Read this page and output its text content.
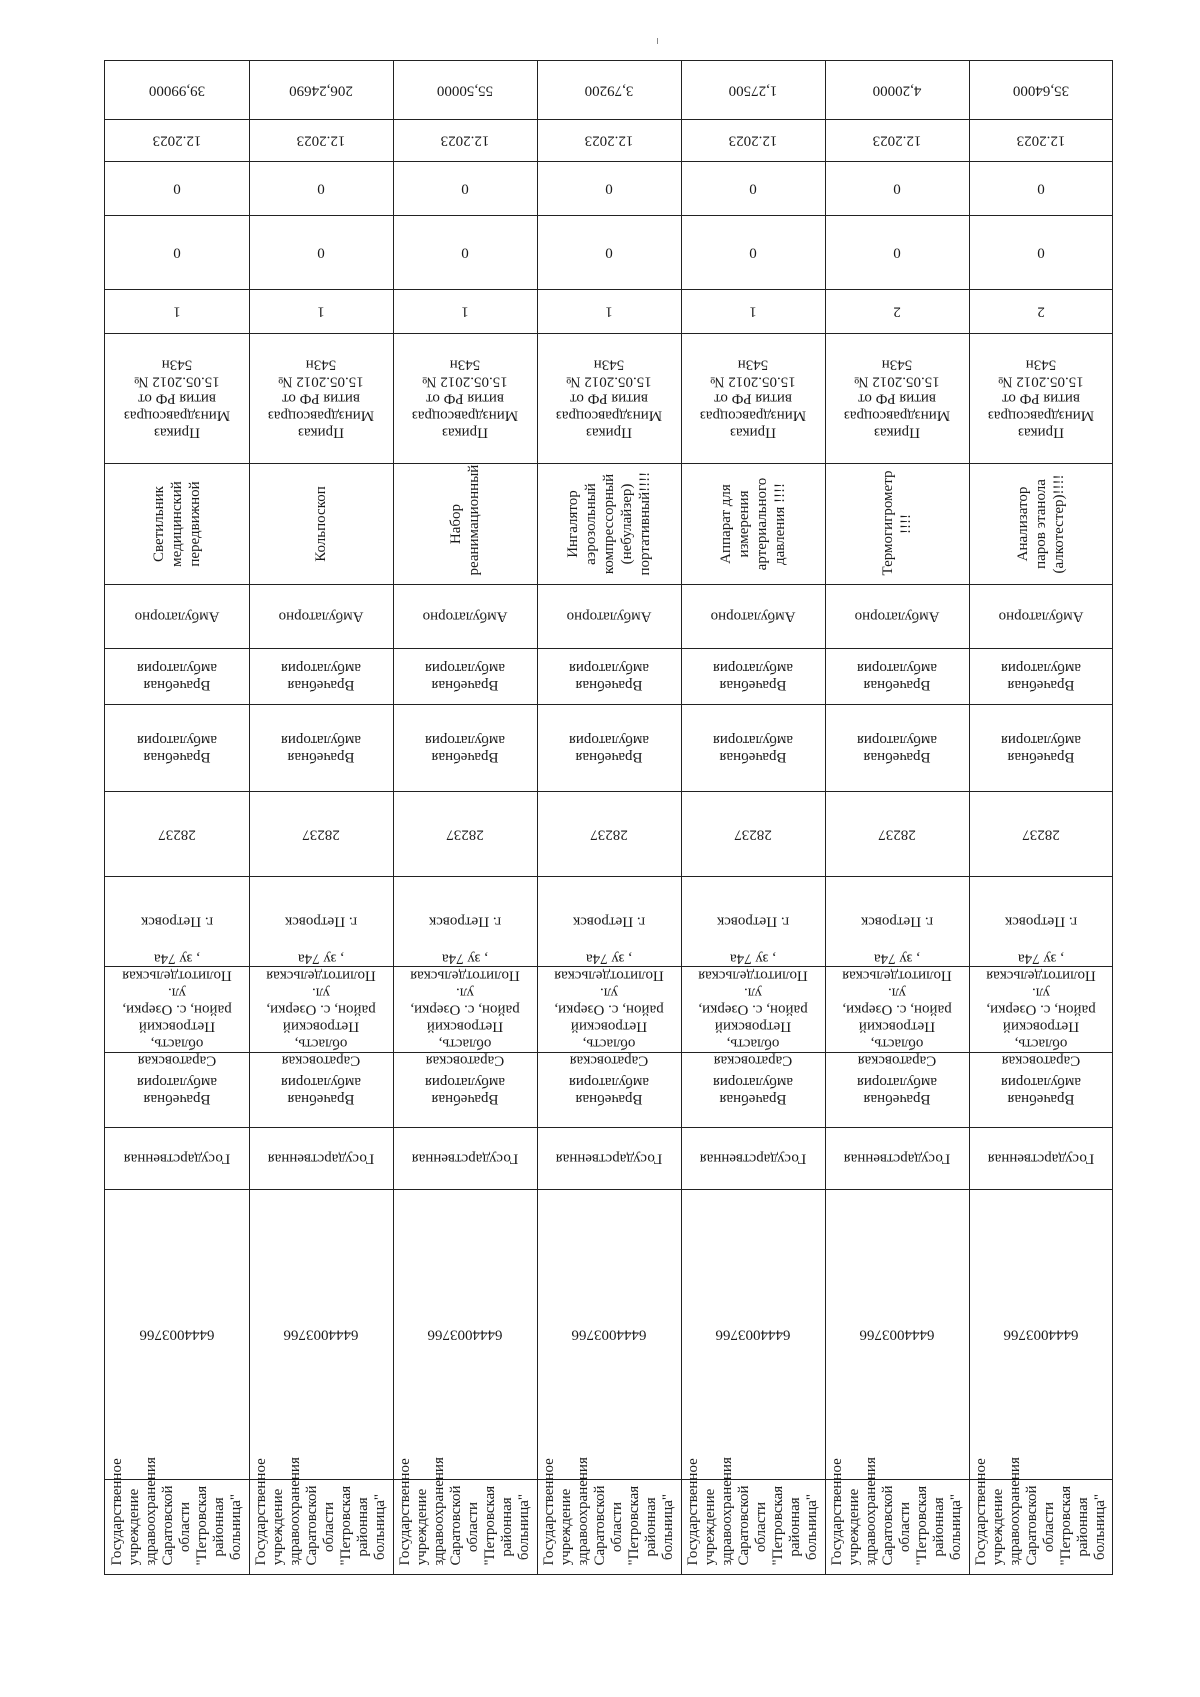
39,99000
12.2023
0
0
1
Приказ Минздравсоцраз вития РФ от 15.05.2012 № 543н
Светильник медицинский передвижной
Амбулаторно
Врачебная амбулатория
Врачебная амбулатория
28237
г. Петровск
Саратовская область, Петровский район, с. Озерки, ул. Политотдельская , зу 74а
Врачебная амбулатория
Государственная
6444003766
Государственное учреждение здравоохранения Саратовской области "Петровская районная больница"
206,24690
12.2023
0
0
1
Приказ Минздравсоцраз вития РФ от 15.05.2012 № 543н
Кольпоскоп
Амбулаторно
Врачебная амбулатория
Врачебная амбулатория
28237
г. Петровск
Саратовская область, Петровский район, с. Озерки, ул. Политотдельская , зу 74а
Врачебная амбулатория
Государственная
6444003766
Государственное учреждение здравоохранения Саратовской области "Петровская районная больница"
55,50000
12.2023
0
0
1
Приказ Минздравсоцраз вития РФ от 15.05.2012 № 543н
Набор реанимационный
Амбулаторно
Врачебная амбулатория
Врачебная амбулатория
28237
г. Петровск
Саратовская область, Петровский район, с. Озерки, ул. Политотдельская , зу 74а
Врачебная амбулатория
Государственная
6444003766
Государственное учреждение здравоохранения Саратовской области "Петровская районная больница"
3,79200
12.2023
0
0
1
Приказ Минздравсоцраз вития РФ от 15.05.2012 № 543н
Ингалятор аэрозольный компрессорный (небулайзер) портативный!!!!
Амбулаторно
Врачебная амбулатория
Врачебная амбулатория
28237
г. Петровск
Саратовская область, Петровский район, с. Озерки, ул. Политотдельская , зу 74а
Врачебная амбулатория
Государственная
6444003766
Государственное учреждение здравоохранения Саратовской области "Петровская районная больница"
1,27500
12.2023
0
0
1
Приказ Минздравсоцраз вития РФ от 15.05.2012 № 543н
Аппарат для измерения артериального давления !!!!
Амбулаторно
Врачебная амбулатория
Врачебная амбулатория
28237
г. Петровск
Саратовская область, Петровский район, с. Озерки, ул. Политотдельская , зу 74а
Врачебная амбулатория
Государственная
6444003766
Государственное учреждение здравоохранения Саратовской области "Петровская районная больница"
4,20000
12.2023
0
0
2
Приказ Минздравсоцраз вития РФ от 15.05.2012 № 543н
Термогигрометр !!!!
Амбулаторно
Врачебная амбулатория
Врачебная амбулатория
28237
г. Петровск
Саратовская область, Петровский район, с. Озерки, ул. Политотдельская , зу 74а
Врачебная амбулатория
Государственная
6444003766
Государственное учреждение здравоохранения Саратовской области "Петровская районная больница"
35,64000
12.2023
0
0
2
Приказ Минздравсоцраз вития РФ от 15.05.2012 № 543н
Анализатор паров этанола (алкотестер)!!!!
Амбулаторно
Врачебная амбулатория
Врачебная амбулатория
28237
г. Петровск
Саратовская область, Петровский район, с. Озерки, ул. Политотдельская , зу 74а
Врачебная амбулатория
Государственная
6444003766
Государственное учреждение здравоохранения Саратовской области "Петровская районная больница"
